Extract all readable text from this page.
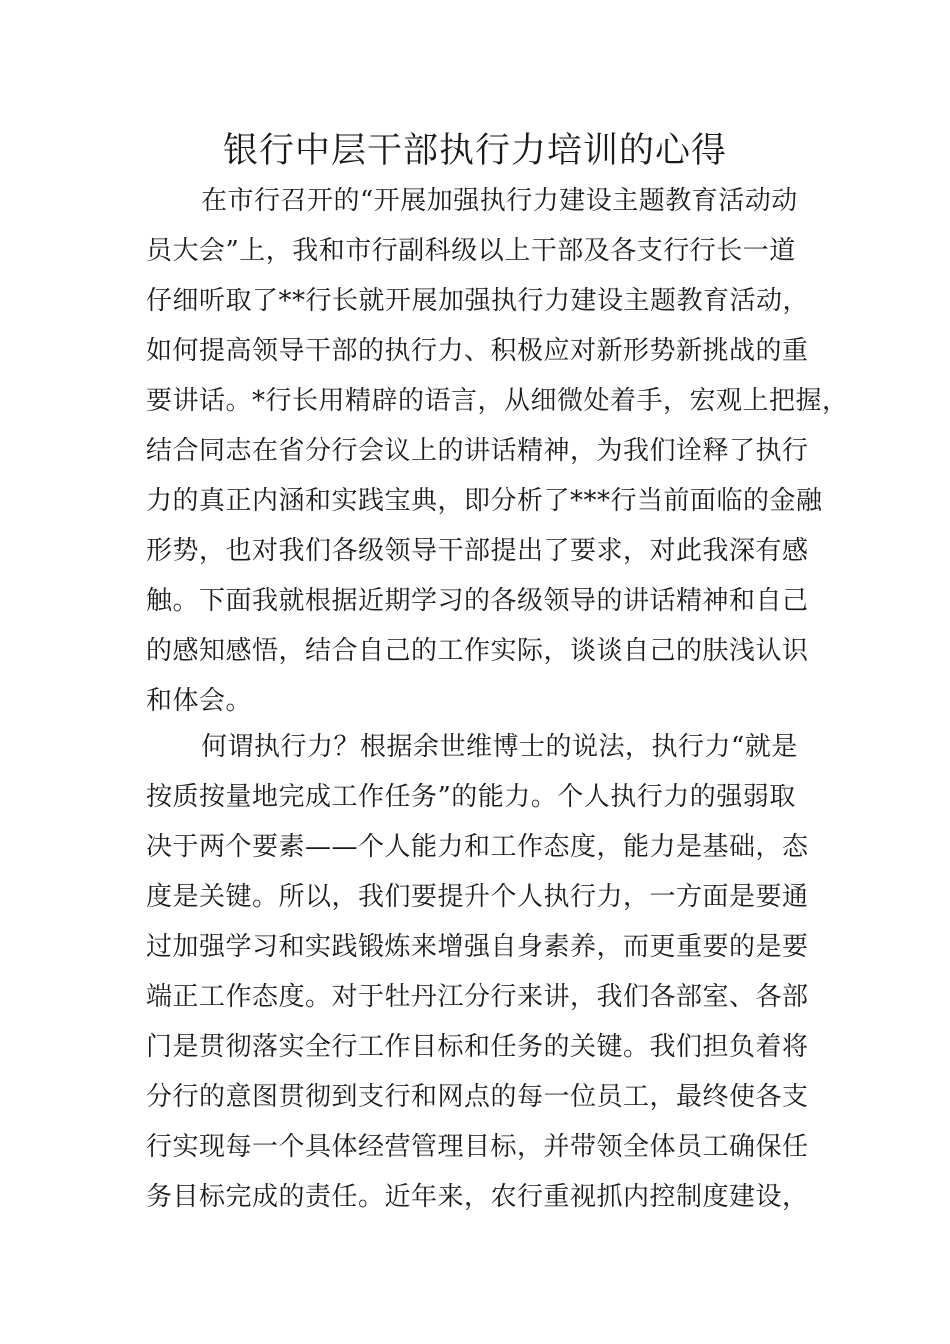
银行中层干部执行力培训的心得
在市行召开的“开展加强执行力建设主题教育活动动
员大会”上，我和市行副科级以上干部及各支行行长一道
仔细听取了**行长就开展加强执行力建设主题教育活动，
如何提高领导干部的执行力、积极应对新形势新挑战的重
要讲话。*行长用精辟的语言，从细微处着手，宏观上把握，
结合同志在省分行会议上的讲话精神，为我们诠释了执行
力的真正内涵和实践宝典，即分析了***行当前面临的金融
形势，也对我们各级领导干部提出了要求，对此我深有感
触。下面我就根据近期学习的各级领导的讲话精神和自己
的感知感悟，结合自己的工作实际，谈谈自己的肤浅认识
和体会。
何谓执行力？根据余世维博士的说法，执行力“就是
按质按量地完成工作任务”的能力。个人执行力的强弱取
决于两个要素——个人能力和工作态度，能力是基础，态
度是关键。所以，我们要提升个人执行力，一方面是要通
过加强学习和实践锻炼来增强自身素养，而更重要的是要
端正工作态度。对于牡丹江分行来讲，我们各部室、各部
门是贯彻落实全行工作目标和任务的关键。我们担负着将
分行的意图贯彻到支行和网点的每一位员工，最终使各支
行实现每一个具体经营管理目标，并带领全体员工确保任
务目标完成的责任。近年来，农行重视抓内控制度建设，
